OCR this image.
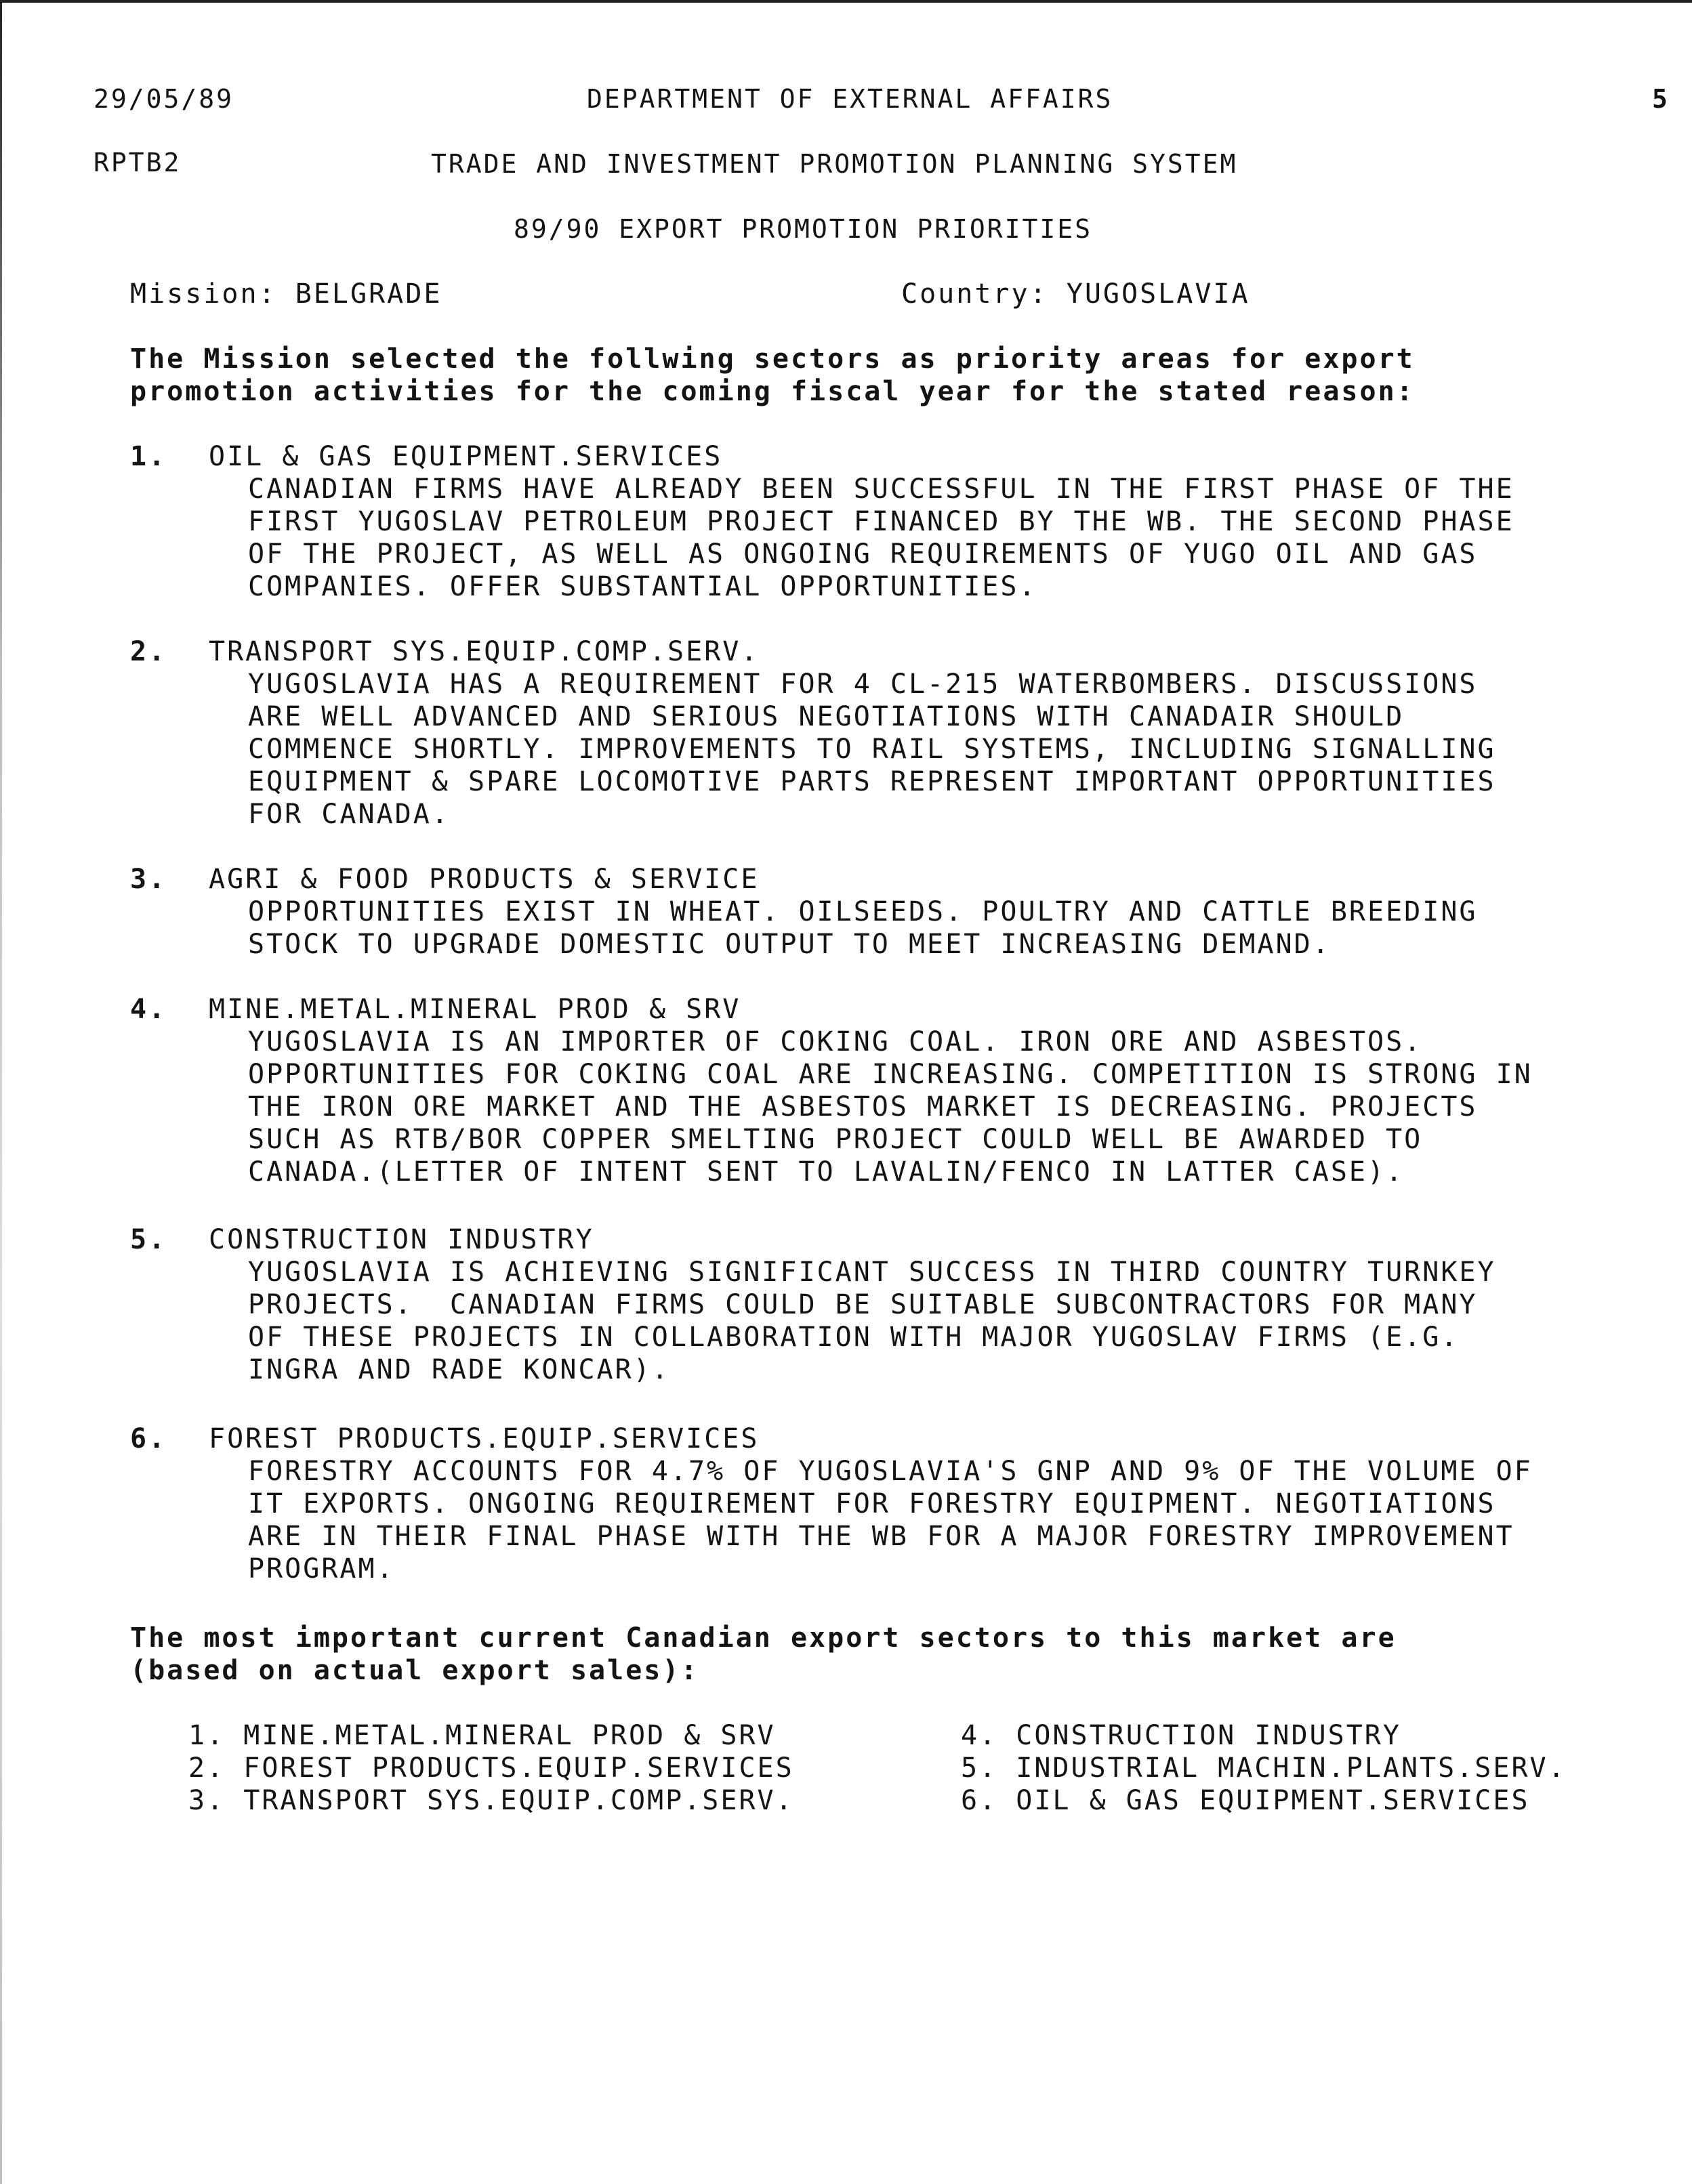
29/05/89	DEPARTMENT OF EXTERNAL AFFAIRS	5
RPTB2	TRADE AND INVESTMENT PROMOTION PLANNING SYSTEM
89/90 EXPORT PROMOTION PRIORITIES
Mission: BELGRADE	Country: YUGOSLAVIA
The Mission selected the follwing sectors as priority areas for export
promotion activities for the coming fiscal year for the stated reason:
1. OIL & GAS EQUIPMENT.SERVICES
CANADIAN FIRMS HAVE ALREADY BEEN SUCCESSFUL IN THE FIRST PHASE OF THE
FIRST YUGOSLAV PETROLEUM PROJECT FINANCED BY THE WB. THE SECOND PHASE
OF THE PROJECT, AS WELL AS ONGOING REQUIREMENTS OF YUGO OIL AND GAS
COMPANIES. OFFER SUBSTANTIAL OPPORTUNITIES.
2. TRANSPORT SYS.EQUIP.COMP.SERV.
YUGOSLAVIA HAS A REQUIREMENT FOR 4 CL-215 WATERBOMBERS. DISCUSSIONS
ARE WELL ADVANCED AND SERIOUS NEGOTIATIONS WITH CANADAIR SHOULD
COMMENCE SHORTLY. IMPROVEMENTS TO RAIL SYSTEMS, INCLUDING SIGNALLING
EQUIPMENT & SPARE LOCOMOTIVE PARTS REPRESENT IMPORTANT OPPORTUNITIES
FOR CANADA.
3. AGRI & FOOD PRODUCTS & SERVICE
OPPORTUNITIES EXIST IN WHEAT. OILSEEDS. POULTRY AND CATTLE BREEDING
STOCK TO UPGRADE DOMESTIC OUTPUT TO MEET INCREASING DEMAND.
4. MINE.METAL.MINERAL PROD & SRV
YUGOSLAVIA IS AN IMPORTER OF COKING COAL. IRON ORE AND ASBESTOS.
OPPORTUNITIES FOR COKING COAL ARE INCREASING. COMPETITION IS STRONG IN
THE IRON ORE MARKET AND THE ASBESTOS MARKET IS DECREASING. PROJECTS
SUCH AS RTB/BOR COPPER SMELTING PROJECT COULD WELL BE AWARDED TO
CANADA.(LETTER OF INTENT SENT TO LAVALIN/FENCO IN LATTER CASE).
5. CONSTRUCTION INDUSTRY
YUGOSLAVIA IS ACHIEVING SIGNIFICANT SUCCESS IN THIRD COUNTRY TURNKEY
PROJECTS.  CANADIAN FIRMS COULD BE SUITABLE SUBCONTRACTORS FOR MANY
OF THESE PROJECTS IN COLLABORATION WITH MAJOR YUGOSLAV FIRMS (E.G.
INGRA AND RADE KONCAR).
6. FOREST PRODUCTS.EQUIP.SERVICES
FORESTRY ACCOUNTS FOR 4.7% OF YUGOSLAVIA'S GNP AND 9% OF THE VOLUME OF
IT EXPORTS. ONGOING REQUIREMENT FOR FORESTRY EQUIPMENT. NEGOTIATIONS
ARE IN THEIR FINAL PHASE WITH THE WB FOR A MAJOR FORESTRY IMPROVEMENT
PROGRAM.
The most important current Canadian export sectors to this market are
(based on actual export sales):
1. MINE.METAL.MINERAL PROD & SRV
2. FOREST PRODUCTS.EQUIP.SERVICES
3. TRANSPORT SYS.EQUIP.COMP.SERV.
4. CONSTRUCTION INDUSTRY
5. INDUSTRIAL MACHIN.PLANTS.SERV.
6. OIL & GAS EQUIPMENT.SERVICES
